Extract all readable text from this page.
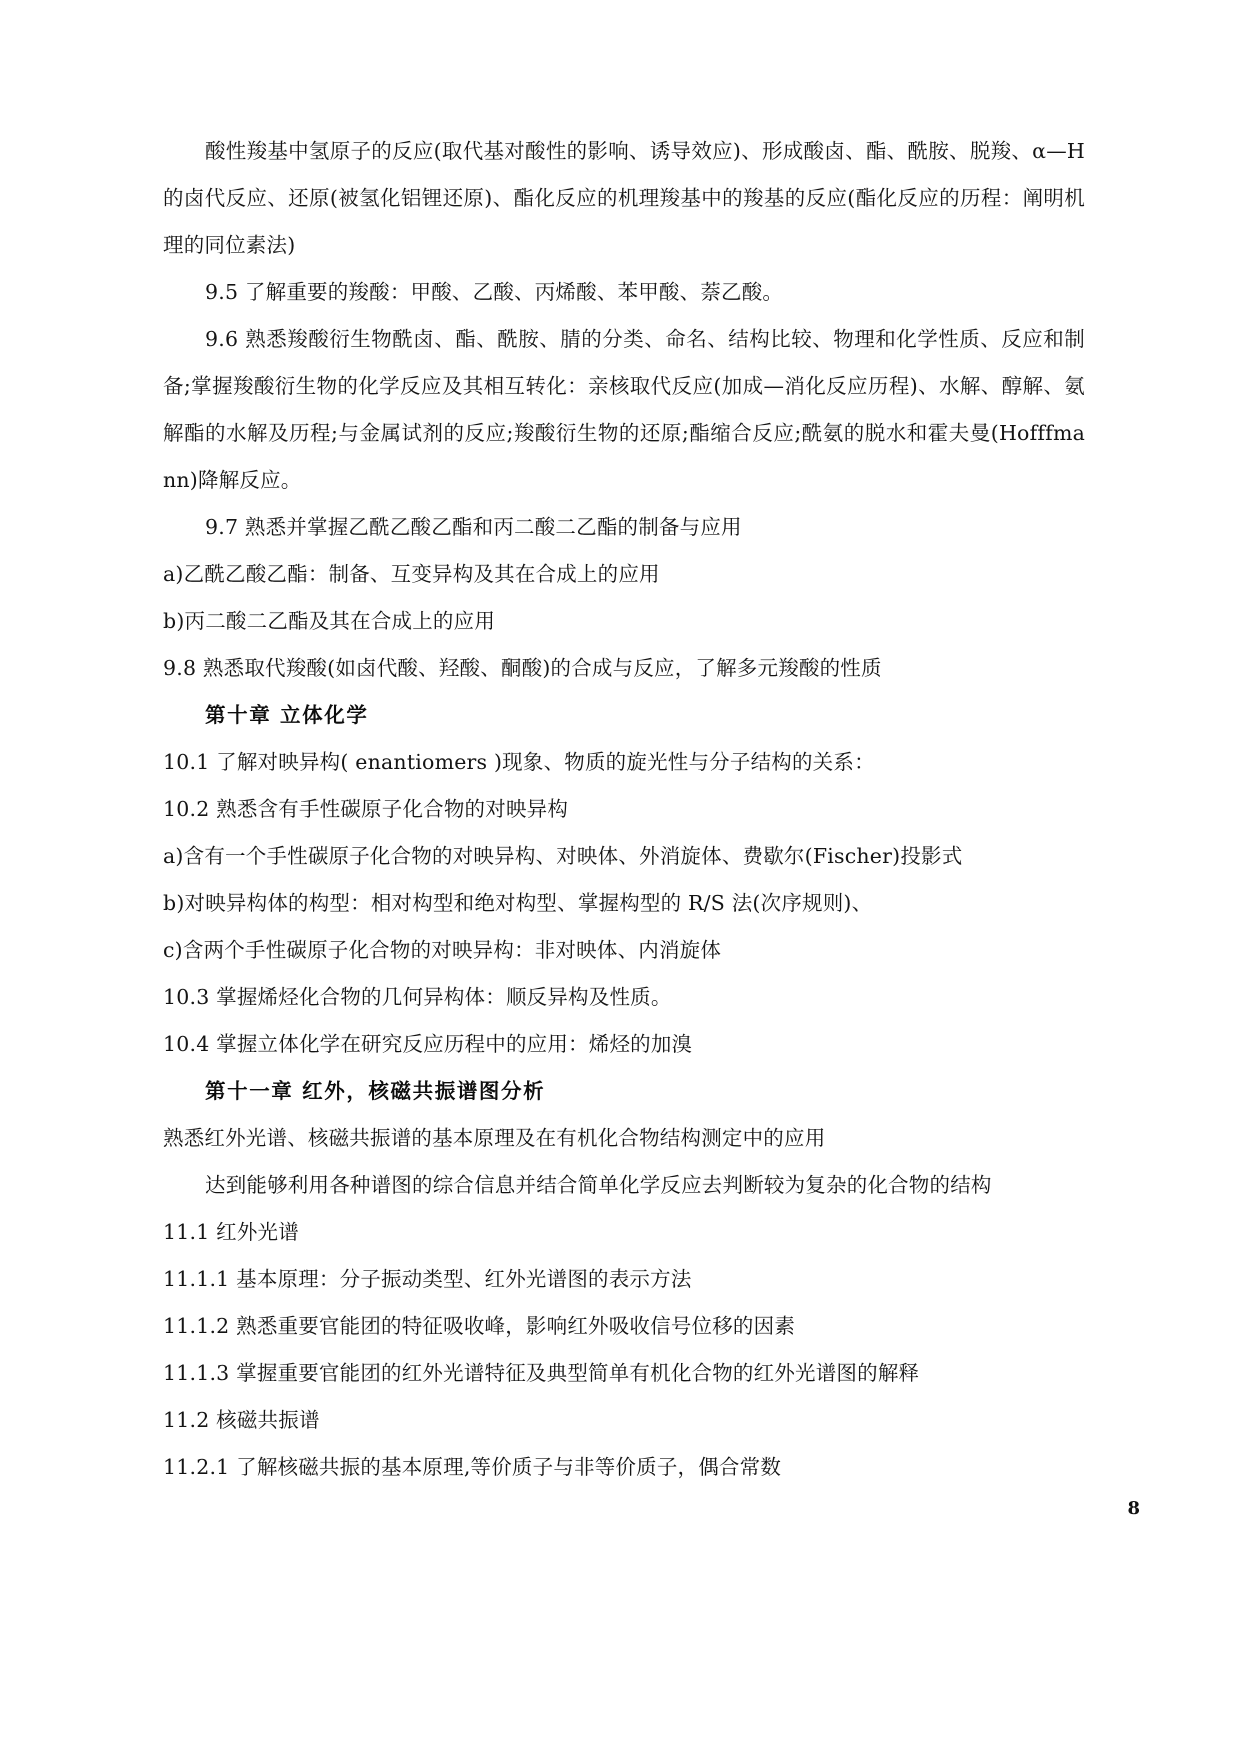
酸性羧基中氢原子的反应(取代基对酸性的影响、诱导效应)、形成酸卤、酯、酰胺、脱羧、α—H 的卤代反应、还原(被氢化铝锂还原)、酯化反应的机理羧基中的羧基的反应(酯化反应的历程：阐明机理的同位素法)

9.5 了解重要的羧酸：甲酸、乙酸、丙烯酸、苯甲酸、萘乙酸。

9.6 熟悉羧酸衍生物酰卤、酯、酰胺、腈的分类、命名、结构比较、物理和化学性质、反应和制备;掌握羧酸衍生物的化学反应及其相互转化：亲核取代反应(加成—消化反应历程)、水解、醇解、氨解酯的水解及历程;与金属试剂的反应;羧酸衍生物的还原;酯缩合反应;酰氨的脱水和霍夫曼(Hofffmann)降解反应。

9.7 熟悉并掌握乙酰乙酸乙酯和丙二酸二乙酯的制备与应用

a)乙酰乙酸乙酯：制备、互变异构及其在合成上的应用

b)丙二酸二乙酯及其在合成上的应用

9.8 熟悉取代羧酸(如卤代酸、羟酸、酮酸)的合成与反应，了解多元羧酸的性质

第十章 立体化学

10.1 了解对映异构( enantiomers )现象、物质的旋光性与分子结构的关系：

10.2 熟悉含有手性碳原子化合物的对映异构

a)含有一个手性碳原子化合物的对映异构、对映体、外消旋体、费歇尔(Fischer)投影式

b)对映异构体的构型：相对构型和绝对构型、掌握构型的 R/S 法(次序规则)、

c)含两个手性碳原子化合物的对映异构：非对映体、内消旋体

10.3 掌握烯烃化合物的几何异构体：顺反异构及性质。

10.4 掌握立体化学在研究反应历程中的应用：烯烃的加溴

第十一章 红外，核磁共振谱图分析

熟悉红外光谱、核磁共振谱的基本原理及在有机化合物结构测定中的应用

达到能够利用各种谱图的综合信息并结合简单化学反应去判断较为复杂的化合物的结构

11.1 红外光谱

11.1.1 基本原理：分子振动类型、红外光谱图的表示方法

11.1.2 熟悉重要官能团的特征吸收峰，影响红外吸收信号位移的因素

11.1.3 掌握重要官能团的红外光谱特征及典型简单有机化合物的红外光谱图的解释

11.2 核磁共振谱

11.2.1 了解核磁共振的基本原理,等价质子与非等价质子，偶合常数

8
